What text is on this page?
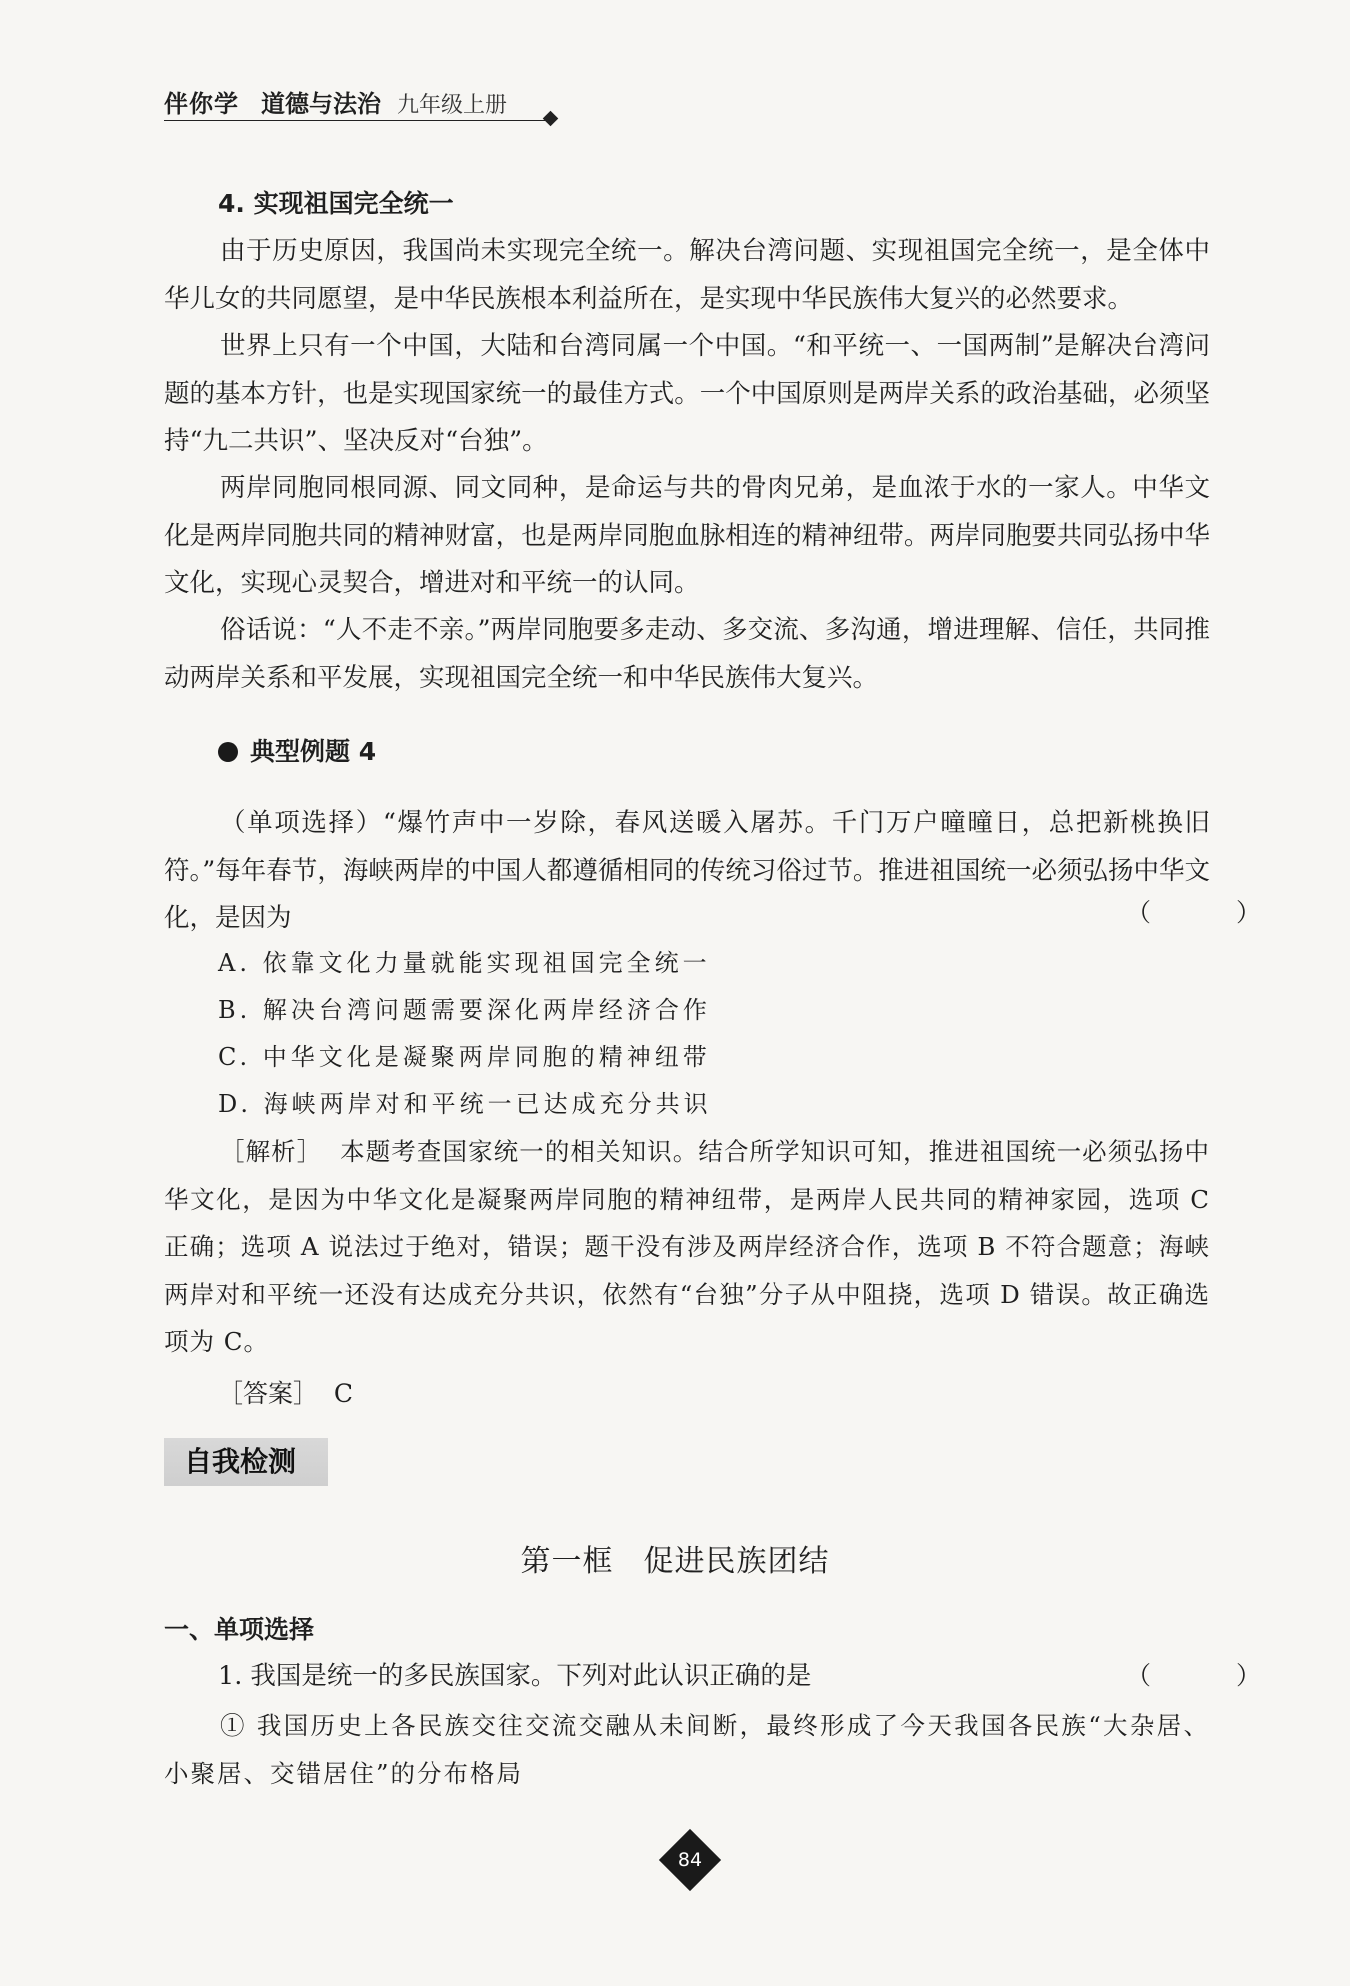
伴你学 道德与法治 九年级上册
4. 实现祖国完全统一
由于历史原因，我国尚未实现完全统一。解决台湾问题、实现祖国完全统一，是全体中华儿女的共同愿望，是中华民族根本利益所在，是实现中华民族伟大复兴的必然要求。
世界上只有一个中国，大陆和台湾同属一个中国。“和平统一、一国两制”是解决台湾问题的基本方针，也是实现国家统一的最佳方式。一个中国原则是两岸关系的政治基础，必须坚持“九二共识”、坚决反对“台独”。
两岸同胞同根同源、同文同种，是命运与共的骨肉兄弟，是血浓于水的一家人。中华文化是两岸同胞共同的精神财富，也是两岸同胞血脉相连的精神纽带。两岸同胞要共同弘扬中华文化，实现心灵契合，增进对和平统一的认同。
俗话说：“人不走不亲。”两岸同胞要多走动、多交流、多沟通，增进理解、信任，共同推动两岸关系和平发展，实现祖国完全统一和中华民族伟大复兴。
典型例题 4
（单项选择）“爆竹声中一岁除，春风送暖入屠苏。千门万户曈曈日，总把新桃换旧符。”每年春节，海峡两岸的中国人都遵循相同的传统习俗过节。推进祖国统一必须弘扬中华文化，是因为	（　）
A. 依靠文化力量就能实现祖国完全统一
B. 解决台湾问题需要深化两岸经济合作
C. 中华文化是凝聚两岸同胞的精神纽带
D. 海峡两岸对和平统一已达成充分共识
［解析］ 本题考查国家统一的相关知识。结合所学知识可知，推进祖国统一必须弘扬中华文化，是因为中华文化是凝聚两岸同胞的精神纽带，是两岸人民共同的精神家园，选项 C 正确；选项 A 说法过于绝对，错误；题干没有涉及两岸经济合作，选项 B 不符合题意；海峡两岸对和平统一还没有达成充分共识，依然有“台独”分子从中阻挠，选项 D 错误。故正确选项为 C。
［答案］ C
自我检测
第一框 促进民族团结
一、单项选择
1. 我国是统一的多民族国家。下列对此认识正确的是	（　）
① 我国历史上各民族交往交流交融从未间断，最终形成了今天我国各民族“大杂居、小聚居、交错居住”的分布格局
84
